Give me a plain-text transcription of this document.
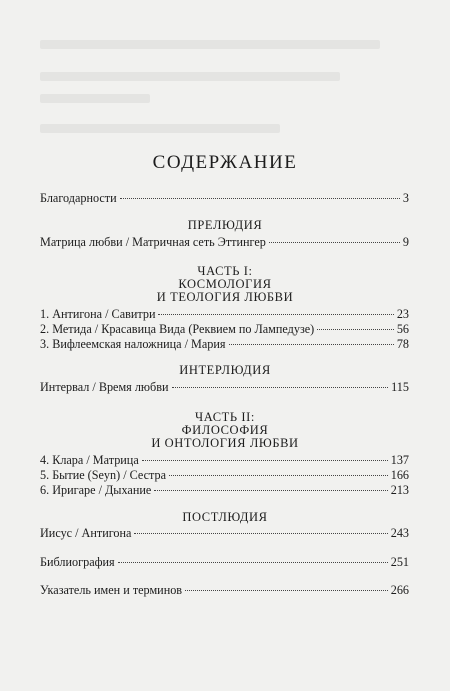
СОДЕРЖАНИЕ
Благодарности	3
ПРЕЛЮДИЯ
Матрица любви / Матричная сеть Эттингер	9
ЧАСТЬ I:
КОСМОЛОГИЯ
И ТЕОЛОГИЯ ЛЮБВИ
1. Антигона / Савитри	23
2. Метида / Красавица Вида (Реквием по Лампедузе)	56
3. Вифлеемская наложница / Мария	78
ИНТЕРЛЮДИЯ
Интервал / Время любви	115
ЧАСТЬ II:
ФИЛОСОФИЯ
И ОНТОЛОГИЯ ЛЮБВИ
4. Клара / Матрица	137
5. Бытие (Seyn) / Сестра	166
6. Иригаре / Дыхание	213
ПОСТЛЮДИЯ
Иисус / Антигона	243
Библиография	251
Указатель имен и терминов	266
